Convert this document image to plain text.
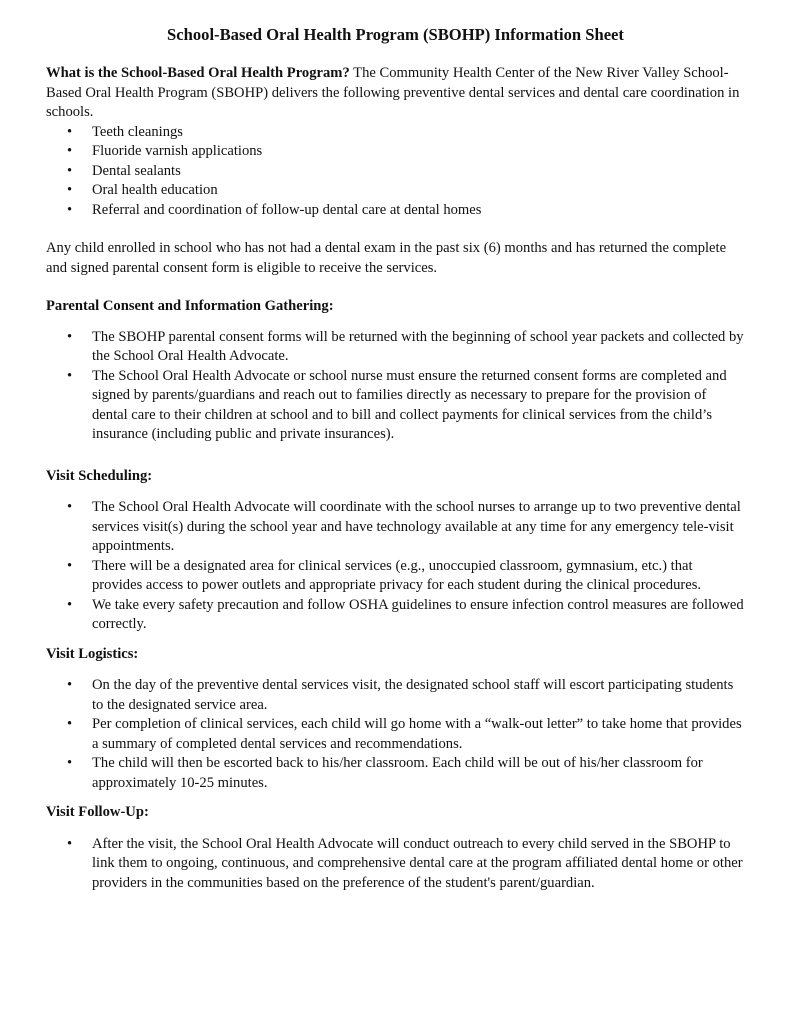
School-Based Oral Health Program (SBOHP) Information Sheet

What is the School-Based Oral Health Program? The Community Health Center of the New River Valley School-Based Oral Health Program (SBOHP) delivers the following preventive dental services and dental care coordination in schools.

• Teeth cleanings
• Fluoride varnish applications
• Dental sealants
• Oral health education
• Referral and coordination of follow-up dental care at dental homes

Any child enrolled in school who has not had a dental exam in the past six (6) months and has returned the complete and signed parental consent form is eligible to receive the services.

Parental Consent and Information Gathering:

• The SBOHP parental consent forms will be returned with the beginning of school year packets and collected by the School Oral Health Advocate.
• The School Oral Health Advocate or school nurse must ensure the returned consent forms are completed and signed by parents/guardians and reach out to families directly as necessary to prepare for the provision of dental care to their children at school and to bill and collect payments for clinical services from the child’s insurance (including public and private insurances).

Visit Scheduling:

• The School Oral Health Advocate will coordinate with the school nurses to arrange up to two preventive dental services visit(s) during the school year and have technology available at any time for any emergency tele-visit appointments.
• There will be a designated area for clinical services (e.g., unoccupied classroom, gymnasium, etc.) that provides access to power outlets and appropriate privacy for each student during the clinical procedures.
• We take every safety precaution and follow OSHA guidelines to ensure infection control measures are followed correctly.

Visit Logistics:

• On the day of the preventive dental services visit, the designated school staff will escort participating students to the designated service area.
• Per completion of clinical services, each child will go home with a “walk-out letter” to take home that provides a summary of completed dental services and recommendations.
• The child will then be escorted back to his/her classroom. Each child will be out of his/her classroom for approximately 10-25 minutes.

Visit Follow-Up:

• After the visit, the School Oral Health Advocate will conduct outreach to every child served in the SBOHP to link them to ongoing, continuous, and comprehensive dental care at the program affiliated dental home or other providers in the communities based on the preference of the student's parent/guardian.
